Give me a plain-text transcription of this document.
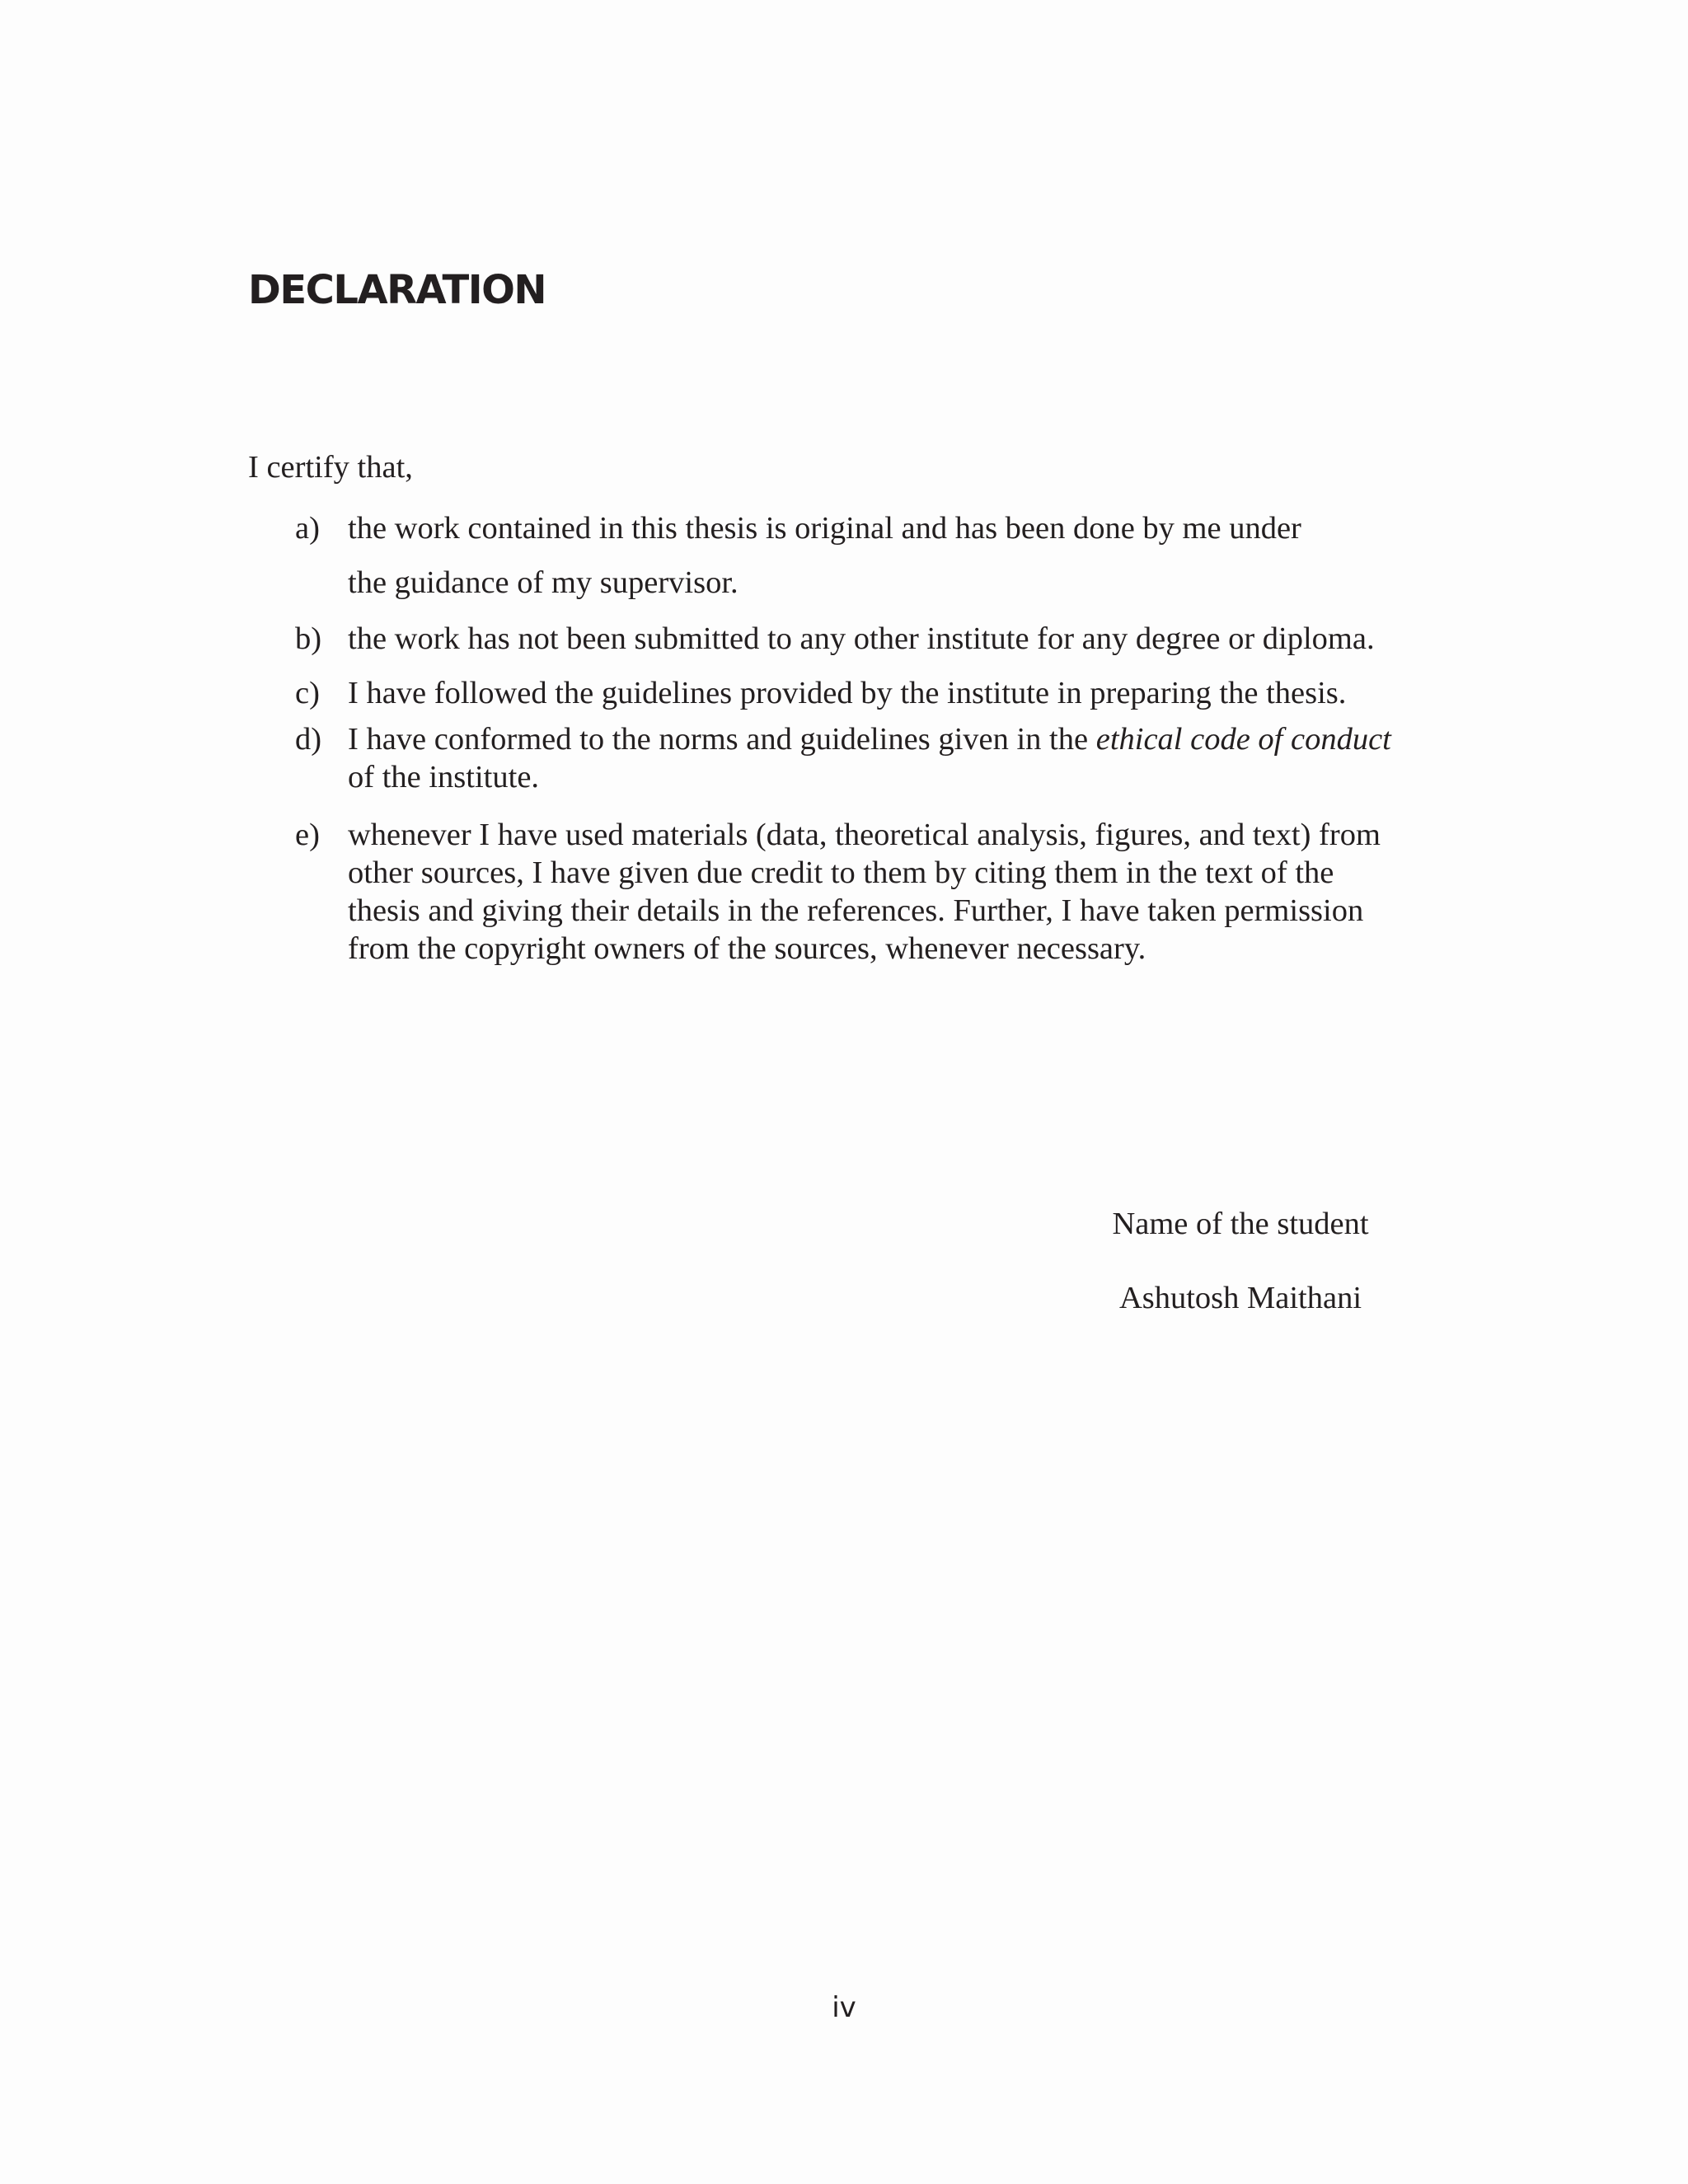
DECLARATION
I certify that,
a) the work contained in this thesis is original and has been done by me under
the guidance of my supervisor.
b) the work has not been submitted to any other institute for any degree or diploma.
c) I have followed the guidelines provided by the institute in preparing the thesis.
d) I have conformed to the norms and guidelines given in the ethical code of conduct
of the institute.
e) whenever I have used materials (data, theoretical analysis, figures, and text) from
other sources, I have given due credit to them by citing them in the text of the
thesis and giving their details in the references. Further, I have taken permission
from the copyright owners of the sources, whenever necessary.
Name of the student
Ashutosh Maithani
iv
